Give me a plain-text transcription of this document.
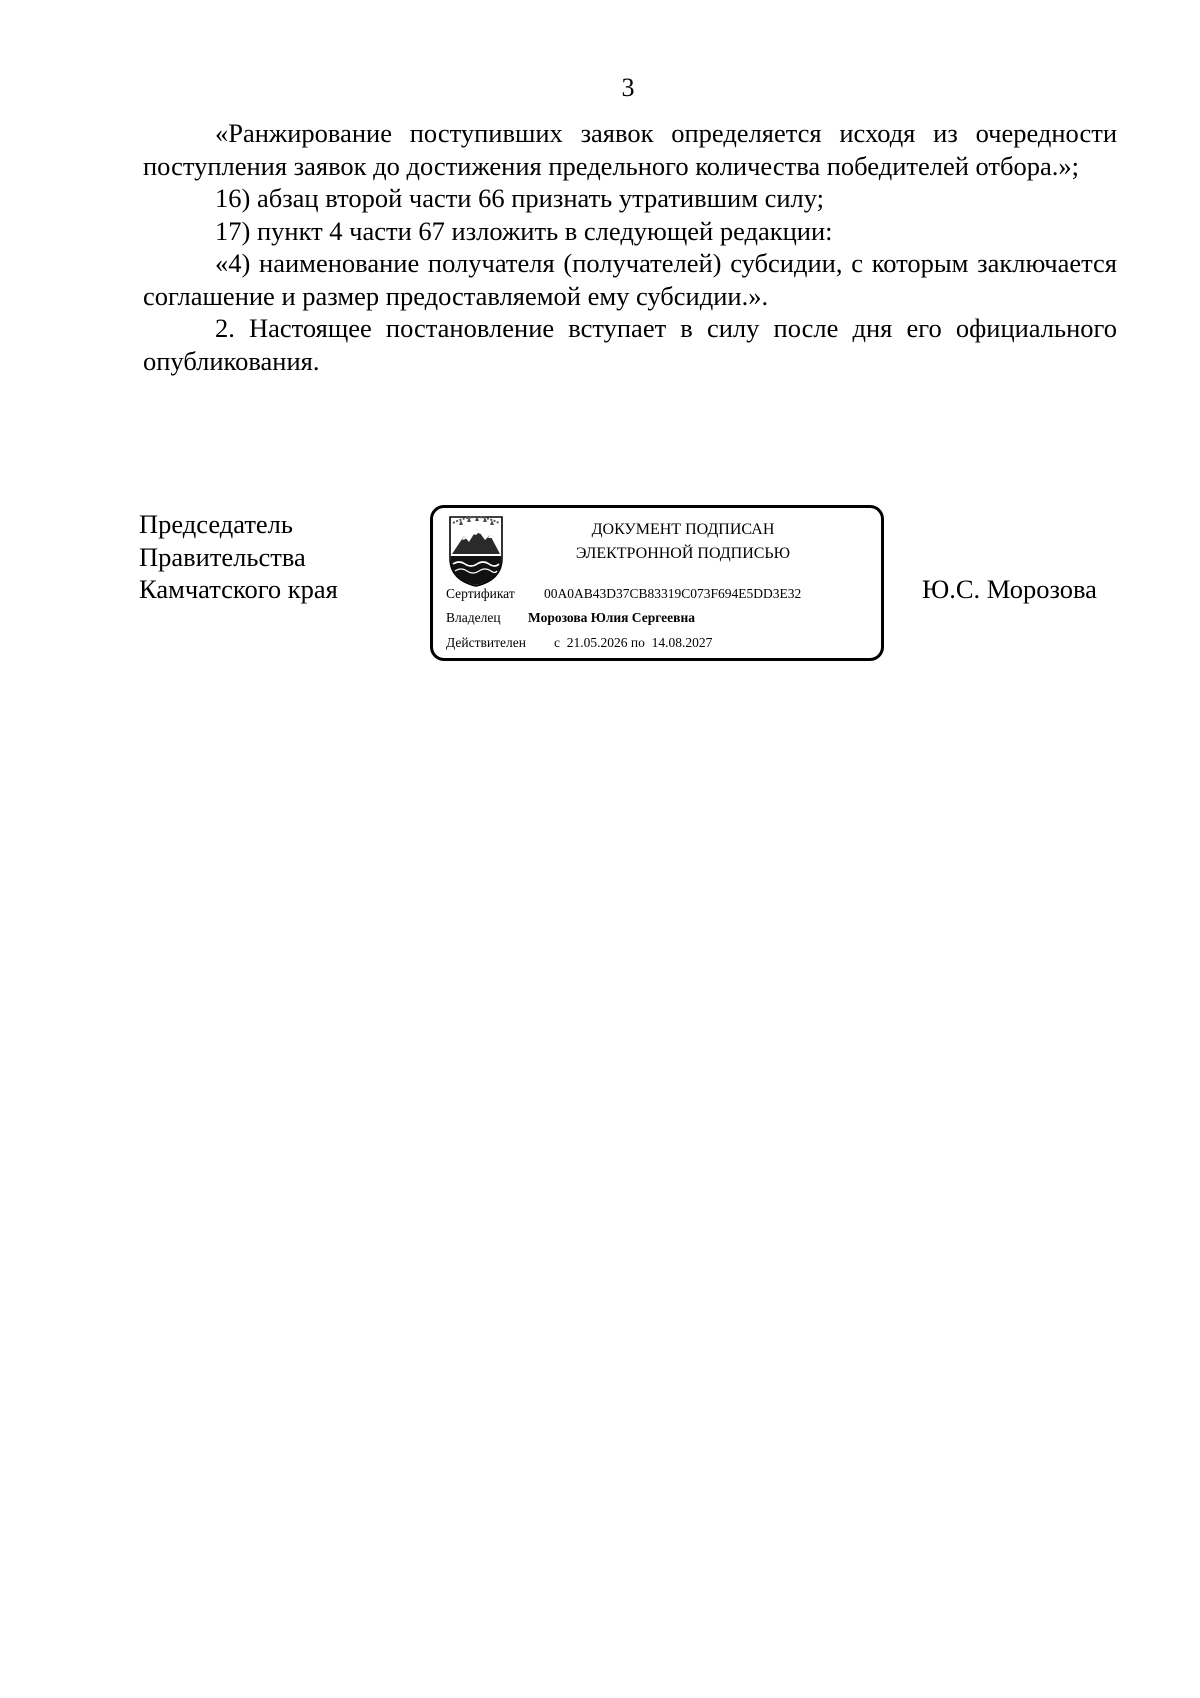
3

«Ранжирование поступивших заявок определяется исходя из очередности поступления заявок до достижения предельного количества победителей отбора.»;

16) абзац второй части 66 признать утратившим силу;

17) пункт 4 части 67 изложить в следующей редакции:

«4) наименование получателя (получателей) субсидии, с которым заключается соглашение и размер предоставляемой ему субсидии.».

2. Настоящее постановление вступает в силу после дня его официального опубликования.

Председатель
Правительства
Камчатского края
ДОКУМЕНТ ПОДПИСАН
ЭЛЕКТРОННОЙ ПОДПИСЬЮ
Сертификат 00A0AB43D37CB83319C073F694E5DD3E32
Владелец Морозова Юлия Сергеевна
Действителен с  21.05.2026 по  14.08.2027
Ю.С. Морозова
